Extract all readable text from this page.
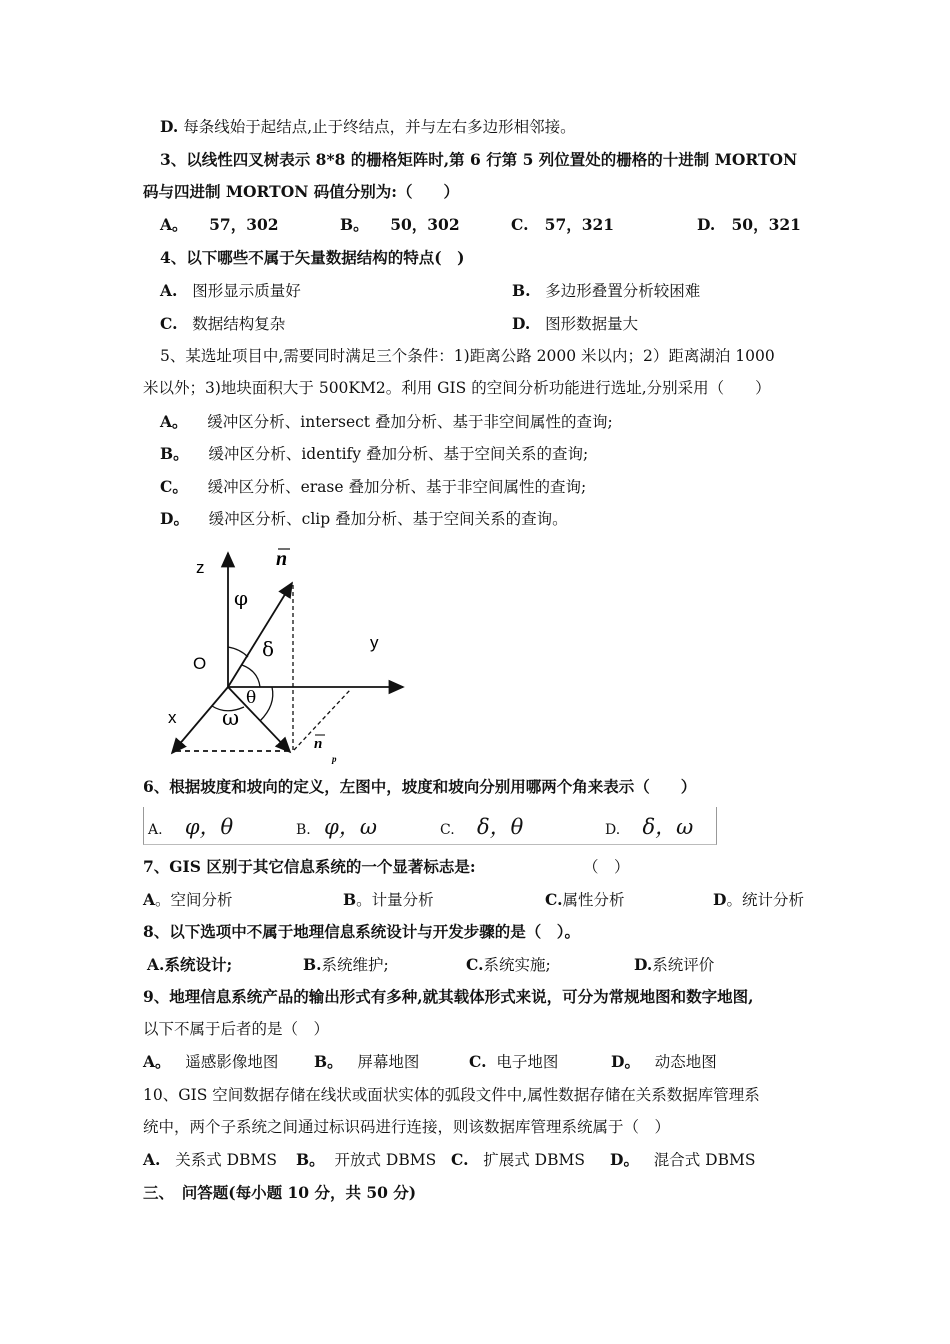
D. 每条线始于起结点,止于终结点，并与左右多边形相邻接。
3、以线性四叉树表示 8*8 的栅格矩阵时,第 6 行第 5 列位置处的栅格的十进制 MORTON
码与四进制 MORTON 码值分别为:（　　）
A。 57，302	B。 50，302	C. 57，321	D. 50，321
4、以下哪些不属于矢量数据结构的特点(　)
A. 图形显示质量好	B. 多边形叠置分析较困难
C. 数据结构复杂	D. 图形数据量大
5、某选址项目中,需要同时满足三个条件：1)距离公路 2000 米以内；2）距离湖泊 1000
米以外；3)地块面积大于 500KM2。利用 GIS 的空间分析功能进行选址,分别采用（　　）
A。 缓冲区分析、intersect 叠加分析、基于非空间属性的查询;
B。 缓冲区分析、identify 叠加分析、基于空间关系的查询;
C。 缓冲区分析、erase 叠加分析、基于非空间属性的查询;
D。 缓冲区分析、clip 叠加分析、基于空间关系的查询。
z
y
x
O
n
n
p
φ
δ
θ
ω
6、根据坡度和坡向的定义，左图中，坡度和坡向分别用哪两个角来表示（　　）
A. φ，θ	B. φ，ω	C. δ，θ	D. δ，ω
7、GIS 区别于其它信息系统的一个显著标志是:	（　）
A。空间分析	B。计量分析	C.属性分析	D。统计分析
8、以下选项中不属于地理信息系统设计与开发步骤的是（　）。
A.系统设计;	B.系统维护;	C.系统实施;	D.系统评价
9、地理信息系统产品的输出形式有多种,就其载体形式来说，可分为常规地图和数字地图,
以下不属于后者的是（　）
A。 遥感影像地图 B。 屏幕地图	C. 电子地图	D。 动态地图
10、GIS 空间数据存储在线状或面状实体的弧段文件中,属性数据存储在关系数据库管理系
统中，两个子系统之间通过标识码进行连接，则该数据库管理系统属于（　）
A. 关系式 DBMS B。 开放式 DBMS C. 扩展式 DBMS D。 混合式 DBMS
三、　问答题(每小题 10 分，共 50 分)
